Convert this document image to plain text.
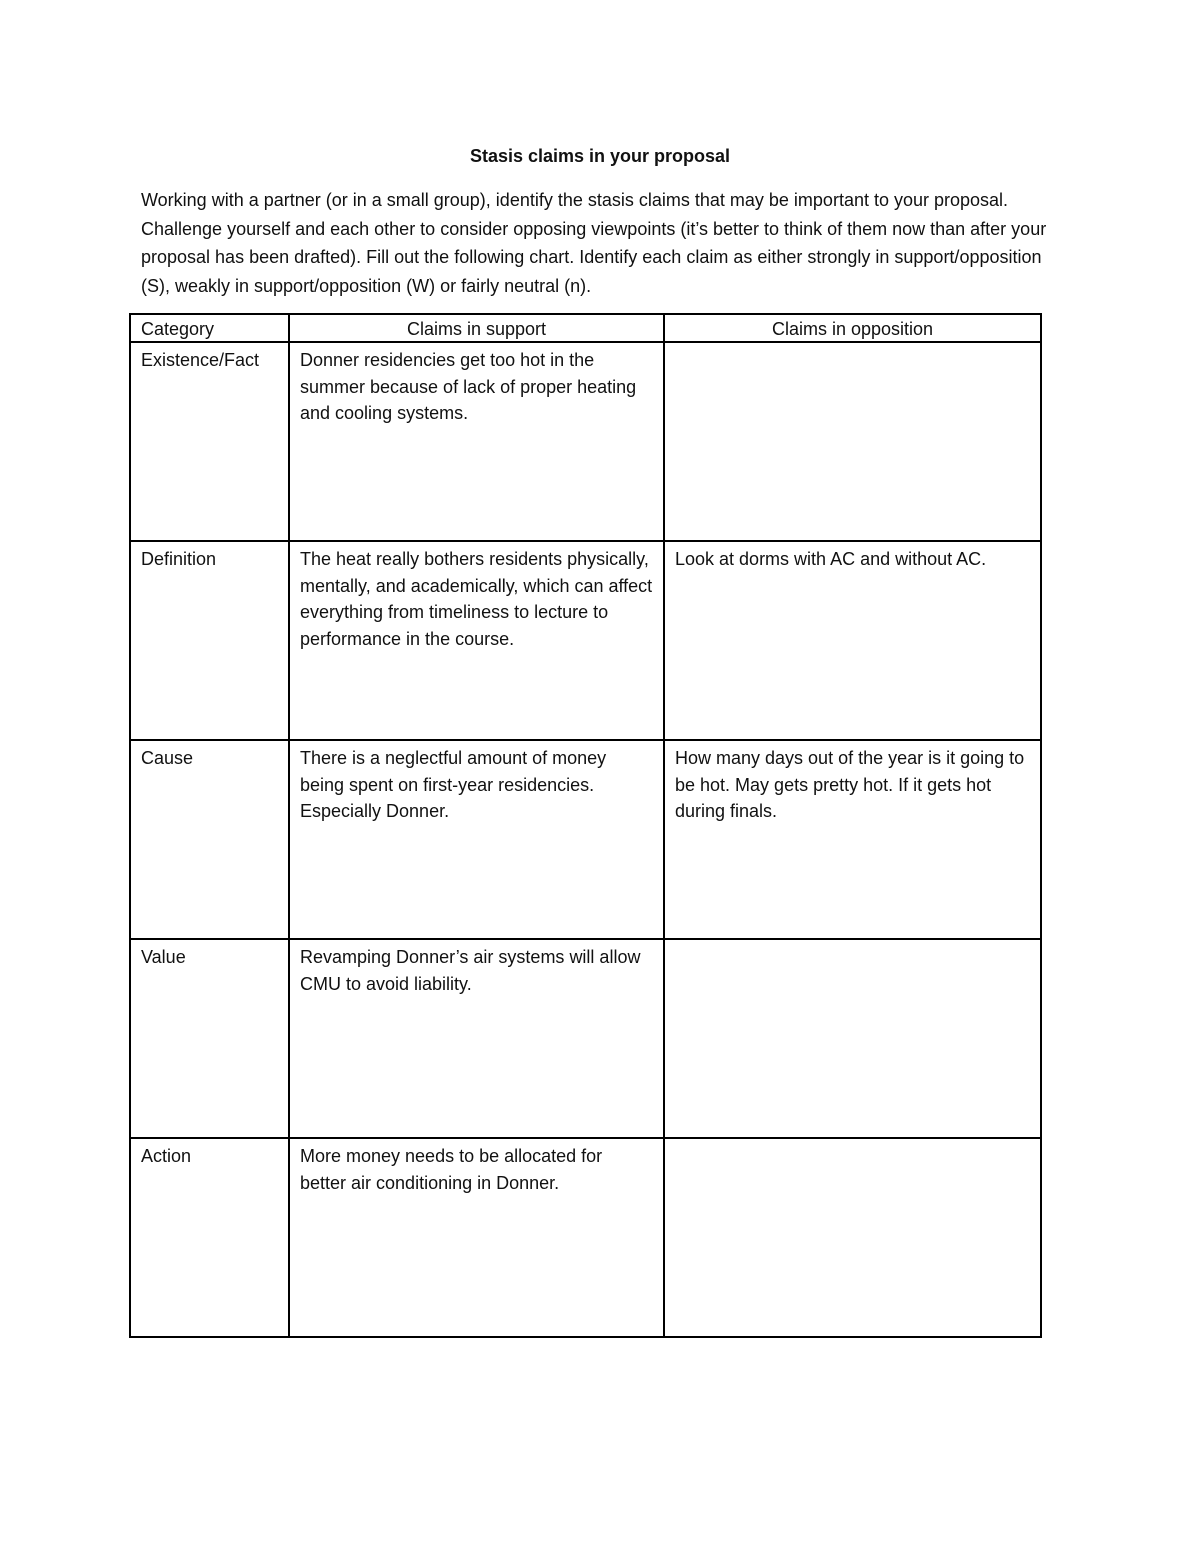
Stasis claims in your proposal

Working with a partner (or in a small group), identify the stasis claims that may be important to your proposal. Challenge yourself and each other to consider opposing viewpoints (it’s better to think of them now than after your proposal has been drafted). Fill out the following chart. Identify each claim as either strongly in support/opposition (S), weakly in support/opposition (W) or fairly neutral (n).

Category	Claims in support	Claims in opposition
Existence/Fact	Donner residencies get too hot in the summer because of lack of proper heating and cooling systems.	
Definition	The heat really bothers residents physically, mentally, and academically, which can affect everything from timeliness to lecture to performance in the course.	Look at dorms with AC and without AC.
Cause	There is a neglectful amount of money being spent on first-year residencies. Especially Donner.	How many days out of the year is it going to be hot. May gets pretty hot. If it gets hot during finals.
Value	Revamping Donner’s air systems will allow CMU to avoid liability.	
Action	More money needs to be allocated for better air conditioning in Donner.	
